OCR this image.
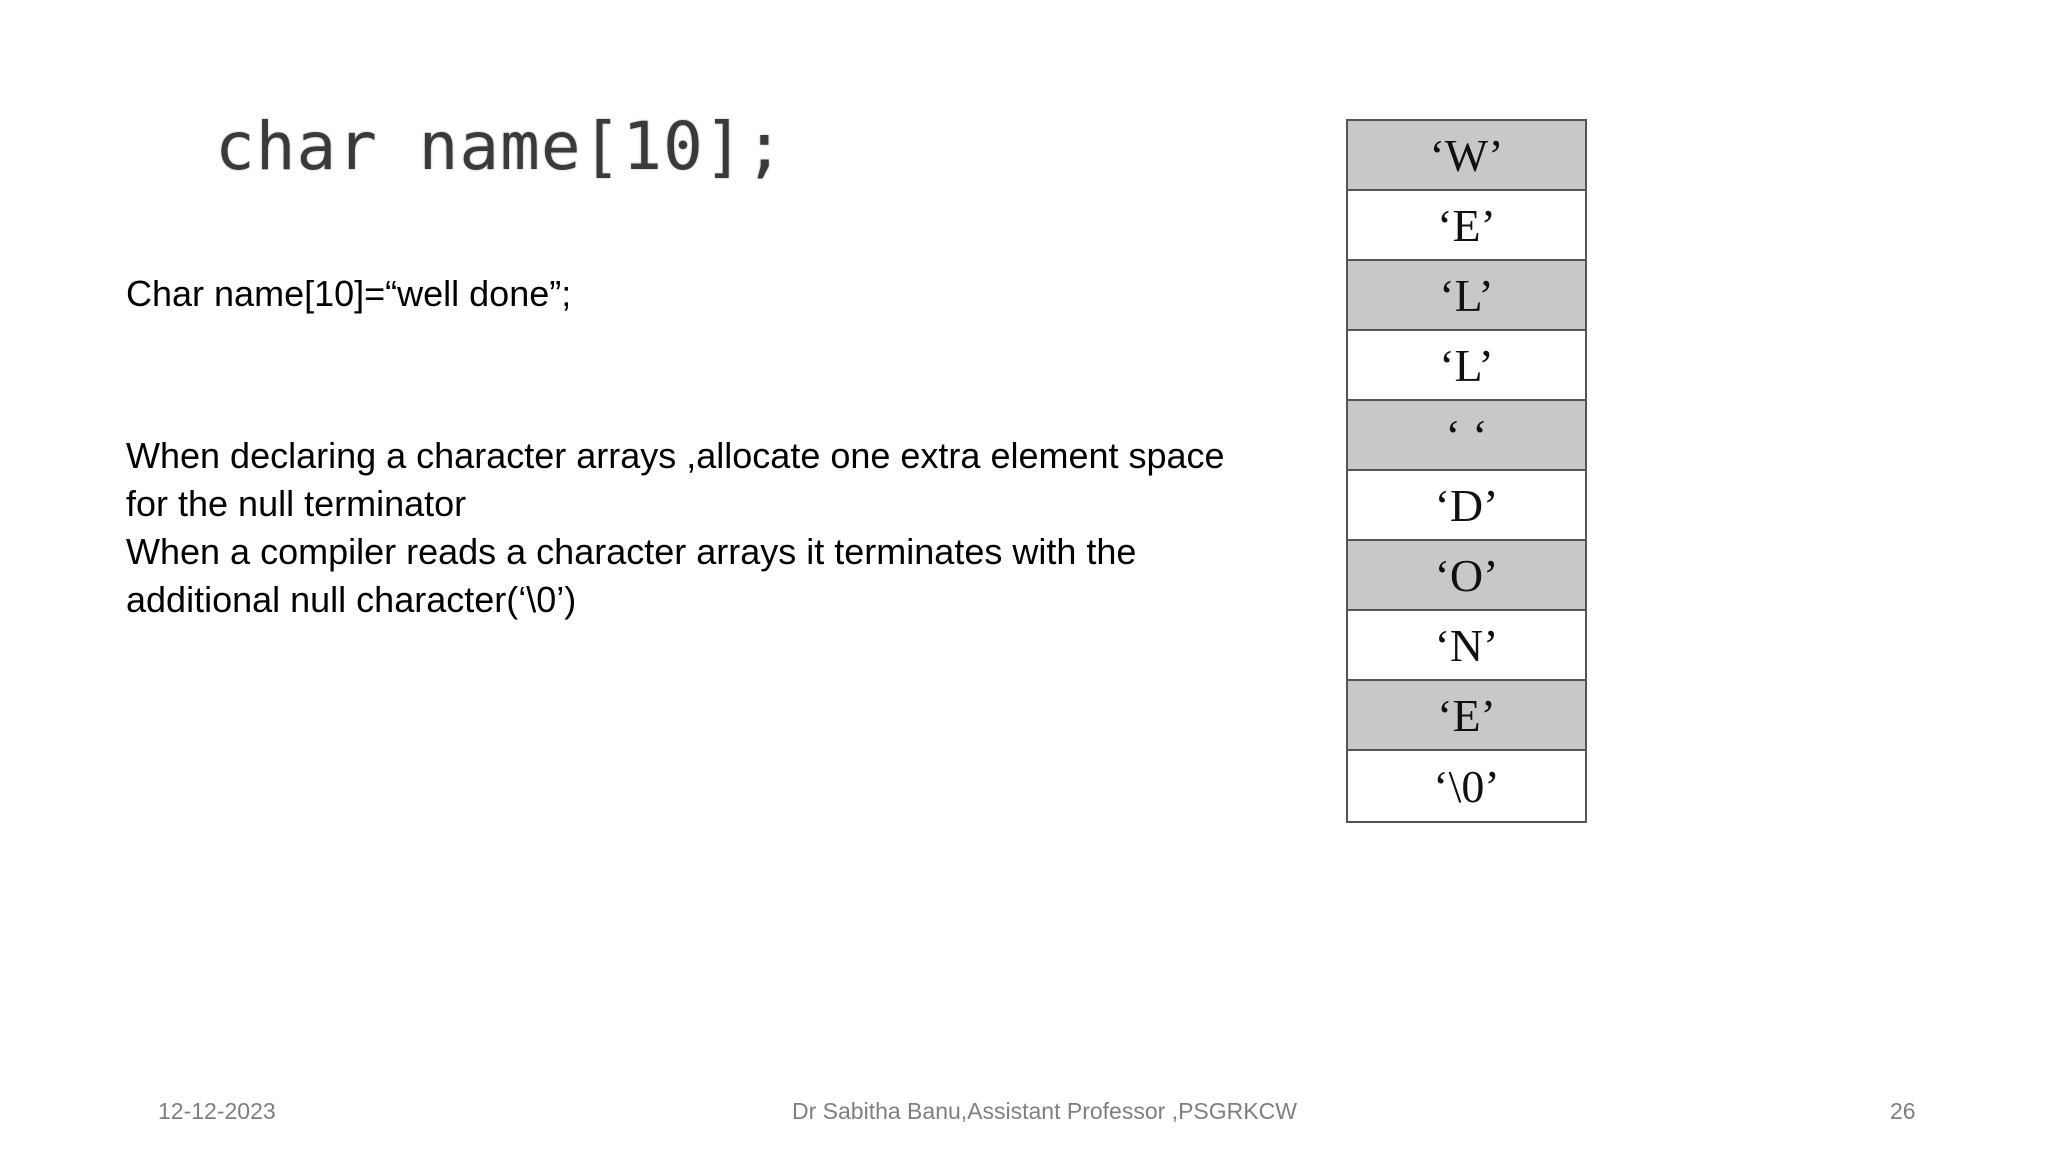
char name[10];
Char name[10]=“well done”;
When declaring a character arrays ,allocate one extra element space
for the null terminator
When a compiler reads a character arrays it terminates with the
additional null character(‘\0’)
‘W’
‘E’
‘L’
‘L’
‘ ‘
‘D’
‘O’
‘N’
‘E’
‘\0’
12-12-2023	Dr Sabitha Banu,Assistant Professor ,PSGRKCW	26
